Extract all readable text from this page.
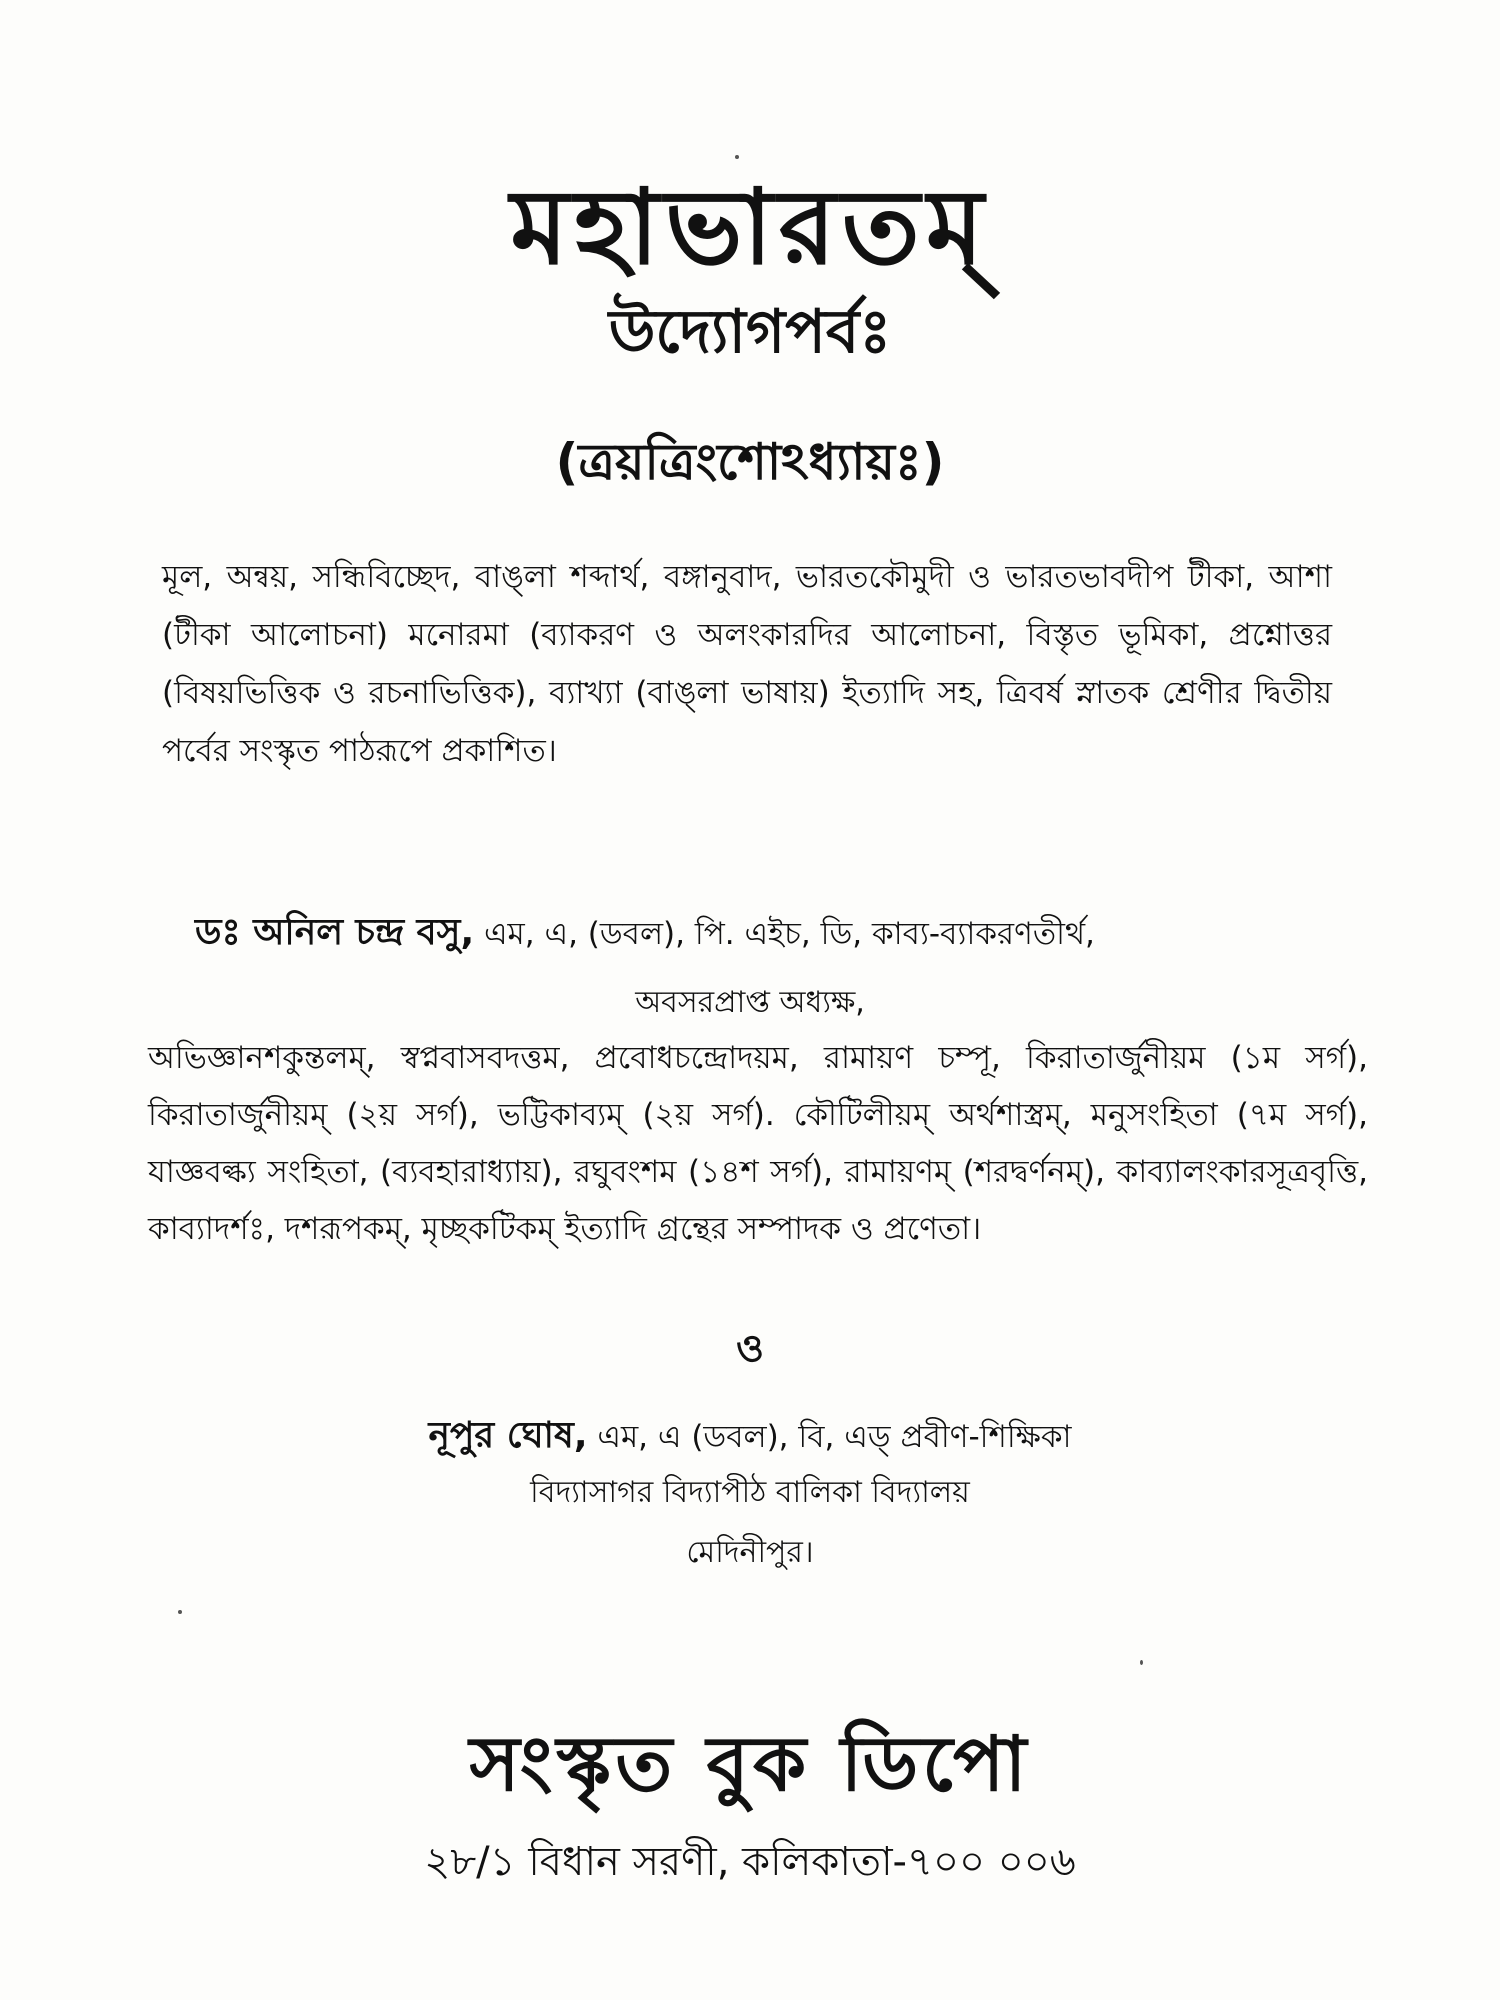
মহাভারতম্
উদ্যোগপর্বঃ
(ত্রয়ত্রিংশোঽধ্যায়ঃ)
মূল, অন্বয়, সন্ধিবিচ্ছেদ, বাঙ্‌লা শব্দার্থ, বঙ্গানুবাদ, ভারতকৌমুদী ও ভারতভাবদীপ টীকা, আশা (টীকা আলোচনা) মনোরমা (ব্যাকরণ ও অলংকারদির আলোচনা, বিস্তৃত ভূমিকা, প্রশ্নোত্তর (বিষয়ভিত্তিক ও রচনাভিত্তিক), ব্যাখ্যা (বাঙ্‌লা ভাষায়) ইত্যাদি সহ, ত্রিবর্ষ স্নাতক শ্রেণীর দ্বিতীয় পর্বের সংস্কৃত পাঠরূপে প্রকাশিত।
ডঃ অনিল চন্দ্র বসু, এম, এ, (ডবল), পি. এইচ, ডি, কাব্য-ব্যাকরণতীর্থ,
অবসরপ্রাপ্ত অধ্যক্ষ,
অভিজ্ঞানশকুন্তলম্, স্বপ্নবাসবদত্তম, প্রবোধচন্দ্রোদয়ম, রামায়ণ চম্পূ, কিরাতার্জুনীয়ম (১ম সর্গ), কিরাতার্জুনীয়ম্ (২য় সর্গ), ভট্টিকাব্যম্ (২য় সর্গ). কৌটিলীয়ম্ অর্থশাস্ত্রম্, মনুসংহিতা (৭ম সর্গ), যাজ্ঞবল্ক্য সংহিতা, (ব্যবহারাধ্যায়), রঘুবংশম (১৪শ সর্গ), রামায়ণম্ (শরদ্বর্ণনম্), কাব্যালংকারসূত্রবৃত্তি, কাব্যাদর্শঃ, দশরূপকম্, মৃচ্ছকটিকম্ ইত্যাদি গ্রন্থের সম্পাদক ও প্রণেতা।
ও
নূপুর ঘোষ, এম, এ (ডবল), বি, এড্ প্রবীণ-শিক্ষিকা
বিদ্যাসাগর বিদ্যাপীঠ বালিকা বিদ্যালয়
মেদিনীপুর।
সংস্কৃত বুক ডিপো
২৮/১ বিধান সরণী, কলিকাতা-৭০০ ০০৬
